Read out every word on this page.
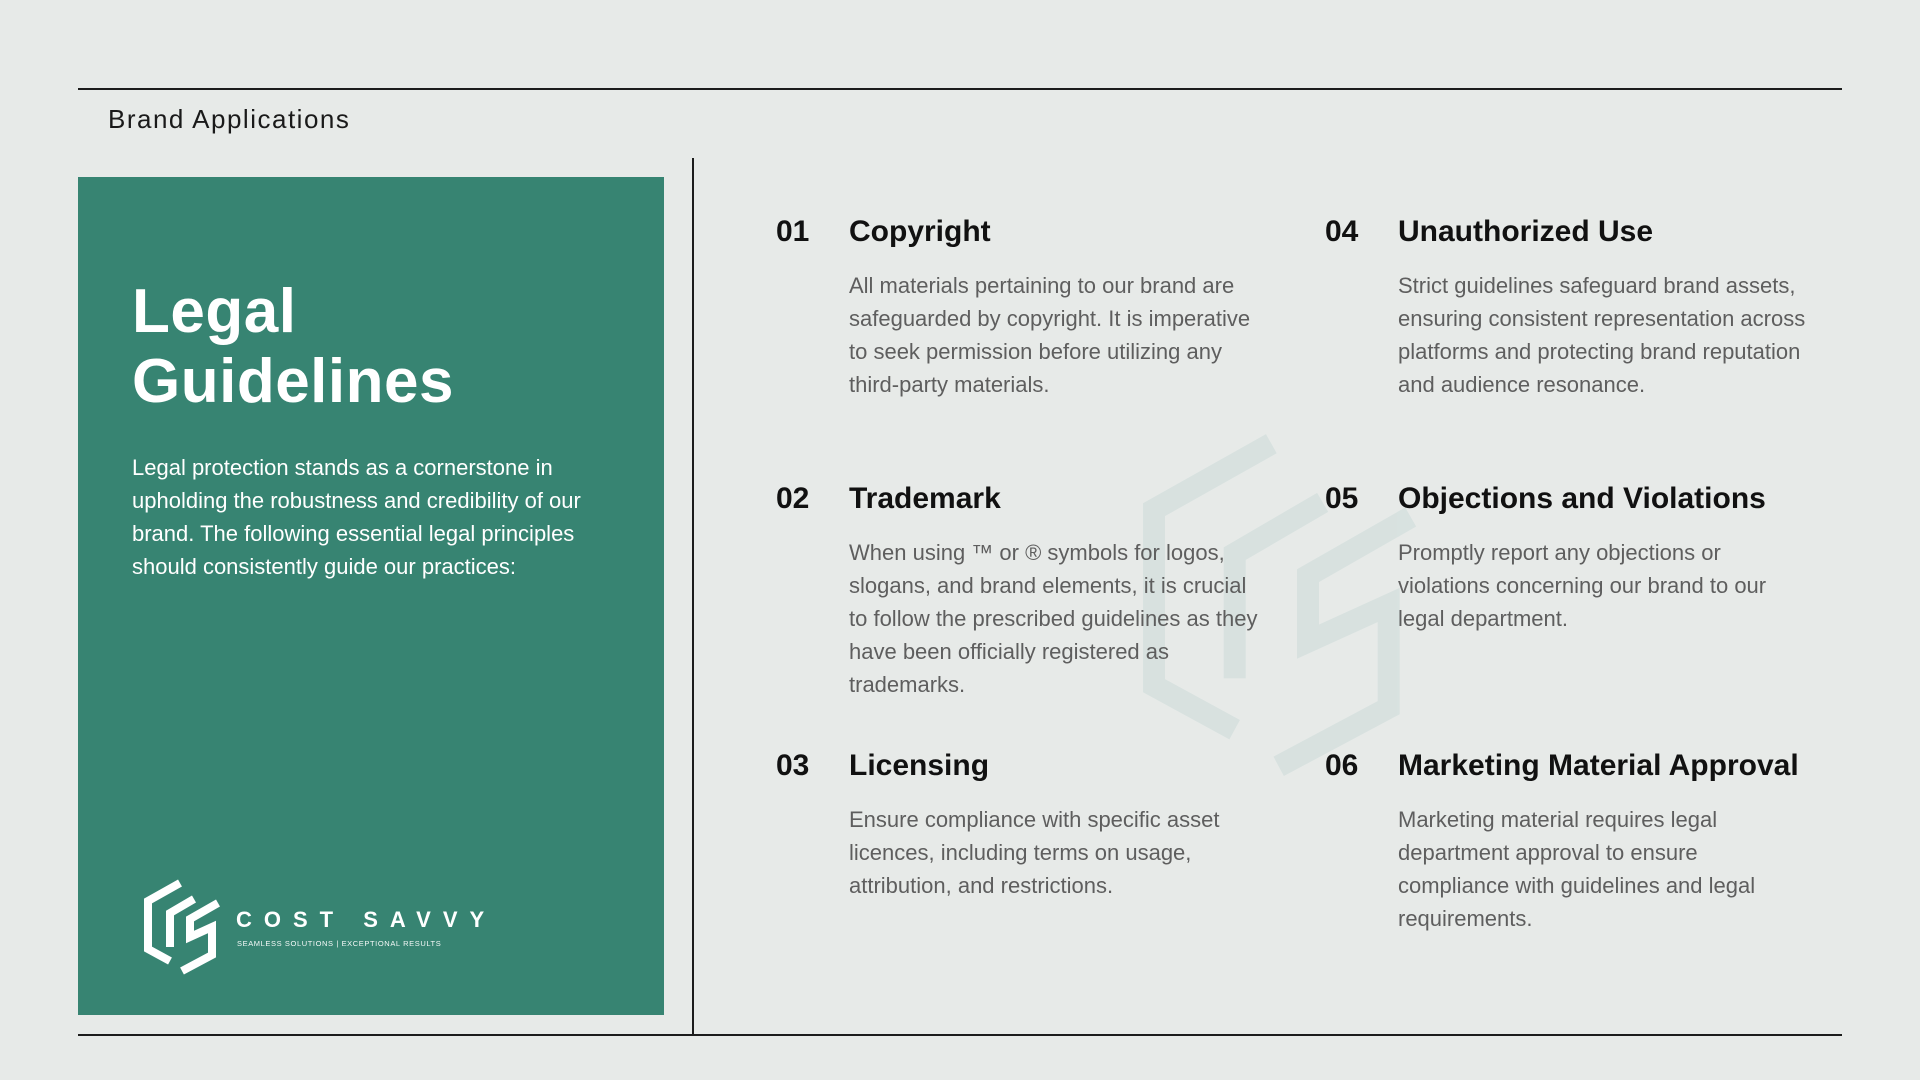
Brand Applications
Legal Guidelines

Legal protection stands as a cornerstone in upholding the robustness and credibility of our brand. The following essential legal principles should consistently guide our practices:

COST SAVVY
SEAMLESS SOLUTIONS | EXCEPTIONAL RESULTS
01 Copyright

All materials pertaining to our brand are safeguarded by copyright. It is imperative to seek permission before utilizing any third-party materials.

02 Trademark

When using ™ or ® symbols for logos, slogans, and brand elements, it is crucial to follow the prescribed guidelines as they have been officially registered as trademarks.

03 Licensing

Ensure compliance with specific asset licences, including terms on usage, attribution, and restrictions.

04 Unauthorized Use

Strict guidelines safeguard brand assets, ensuring consistent representation across platforms and protecting brand reputation and audience resonance.

05 Objections and Violations

Promptly report any objections or violations concerning our brand to our legal department.

06 Marketing Material Approval

Marketing material requires legal department approval to ensure compliance with guidelines and legal requirements.
